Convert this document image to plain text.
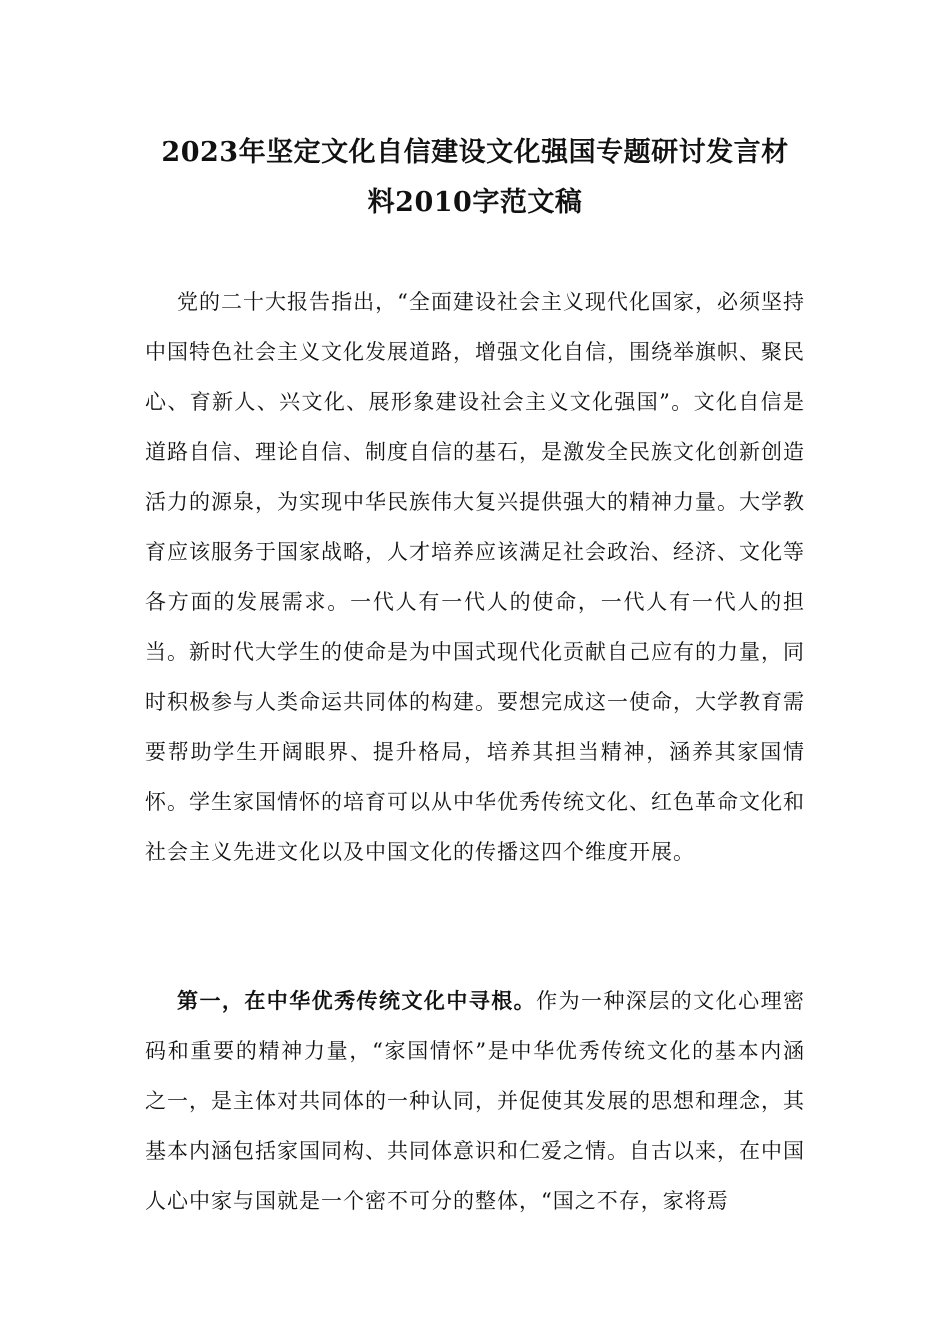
2023年坚定文化自信建设文化强国专题研讨发言材
料2010字范文稿

党的二十大报告指出，“全面建设社会主义现代化国家，必须坚持中国特色社会主义文化发展道路，增强文化自信，围绕举旗帜、聚民心、育新人、兴文化、展形象建设社会主义文化强国”。文化自信是道路自信、理论自信、制度自信的基石，是激发全民族文化创新创造活力的源泉，为实现中华民族伟大复兴提供强大的精神力量。大学教育应该服务于国家战略，人才培养应该满足社会政治、经济、文化等各方面的发展需求。一代人有一代人的使命，一代人有一代人的担当。新时代大学生的使命是为中国式现代化贡献自己应有的力量，同时积极参与人类命运共同体的构建。要想完成这一使命，大学教育需要帮助学生开阔眼界、提升格局，培养其担当精神，涵养其家国情怀。学生家国情怀的培育可以从中华优秀传统文化、红色革命文化和社会主义先进文化以及中国文化的传播这四个维度开展。

第一，在中华优秀传统文化中寻根。作为一种深层的文化心理密码和重要的精神力量，“家国情怀”是中华优秀传统文化的基本内涵之一，是主体对共同体的一种认同，并促使其发展的思想和理念，其基本内涵包括家国同构、共同体意识和仁爱之情。自古以来，在中国人心中家与国就是一个密不可分的整体，“国之不存，家将焉
